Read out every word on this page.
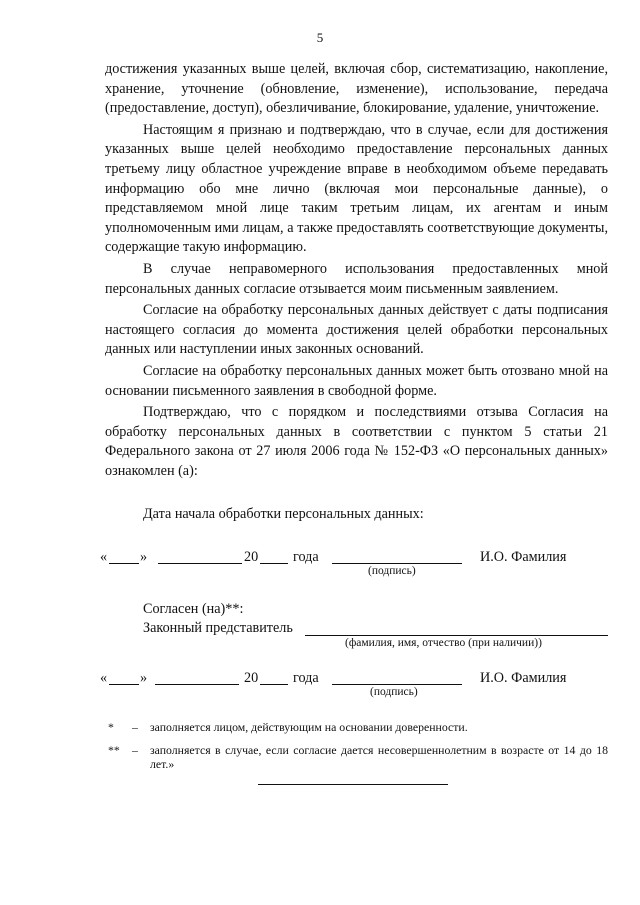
5

достижения указанных выше целей, включая сбор, систематизацию, накопление, хранение, уточнение (обновление, изменение), использование, передача (предоставление, доступ), обезличивание, блокирование, удаление, уничтожение.

Настоящим я признаю и подтверждаю, что в случае, если для достижения указанных выше целей необходимо предоставление персональных данных третьему лицу областное учреждение вправе в необходимом объеме передавать информацию обо мне лично (включая мои персональные данные), о представляемом мной лице таким третьим лицам, их агентам и иным уполномоченным ими лицам, а также предоставлять соответствующие документы, содержащие такую информацию.

В случае неправомерного использования предоставленных мной персональных данных согласие отзывается моим письменным заявлением.

Согласие на обработку персональных данных действует с даты подписания настоящего согласия до момента достижения целей обработки персональных данных или наступлении иных законных оснований.

Согласие на обработку персональных данных может быть отозвано мной на основании письменного заявления в свободной форме.

Подтверждаю, что с порядком и последствиями отзыва Согласия на обработку персональных данных в соответствии с пунктом 5 статьи 21 Федерального закона от 27 июля 2006 года № 152-ФЗ «О персональных данных» ознакомлен (а):

Дата начала обработки персональных данных:
« »	20 года	И.О. Фамилия
(подпись)
Согласен (на)**:
Законный представитель
(фамилия, имя, отчество (при наличии))
« »	20 года	И.О. Фамилия
(подпись)
* – заполняется лицом, действующим на основании доверенности.
** – заполняется в случае, если согласие дается несовершеннолетним в возрасте от 14 до 18 лет.»
